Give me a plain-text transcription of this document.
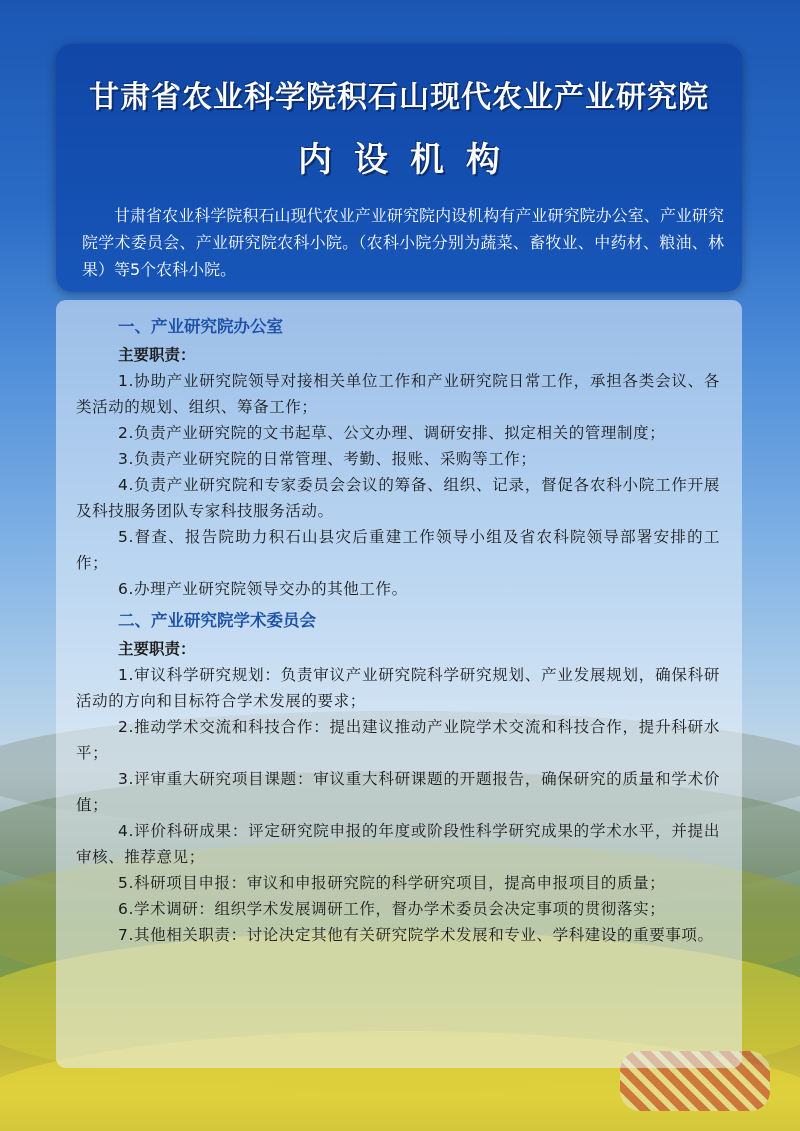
甘肃省农业科学院积石山现代农业产业研究院
内设机构
甘肃省农业科学院积石山现代农业产业研究院内设机构有产业研究院办公室、产业研究院学术委员会、产业研究院农科小院。（农科小院分别为蔬菜、畜牧业、中药材、粮油、林果）等5个农科小院。
一、产业研究院办公室
主要职责：

1.协助产业研究院领导对接相关单位工作和产业研究院日常工作，承担各类会议、各类活动的规划、组织、筹备工作；

2.负责产业研究院的文书起草、公文办理、调研安排、拟定相关的管理制度；

3.负责产业研究院的日常管理、考勤、报账、采购等工作；

4.负责产业研究院和专家委员会会议的筹备、组织、记录，督促各农科小院工作开展及科技服务团队专家科技服务活动。

5.督查、报告院助力积石山县灾后重建工作领导小组及省农科院领导部署安排的工作；

6.办理产业研究院领导交办的其他工作。

二、产业研究院学术委员会
主要职责：

1.审议科学研究规划：负责审议产业研究院科学研究规划、产业发展规划，确保科研活动的方向和目标符合学术发展的要求；

2.推动学术交流和科技合作：提出建议推动产业院学术交流和科技合作，提升科研水平；

3.评审重大研究项目课题：审议重大科研课题的开题报告，确保研究的质量和学术价值；

4.评价科研成果：评定研究院申报的年度或阶段性科学研究成果的学术水平，并提出审核、推荐意见；

5.科研项目申报：审议和申报研究院的科学研究项目，提高申报项目的质量；

6.学术调研：组织学术发展调研工作，督办学术委员会决定事项的贯彻落实；

7.其他相关职责：讨论决定其他有关研究院学术发展和专业、学科建设的重要事项。
